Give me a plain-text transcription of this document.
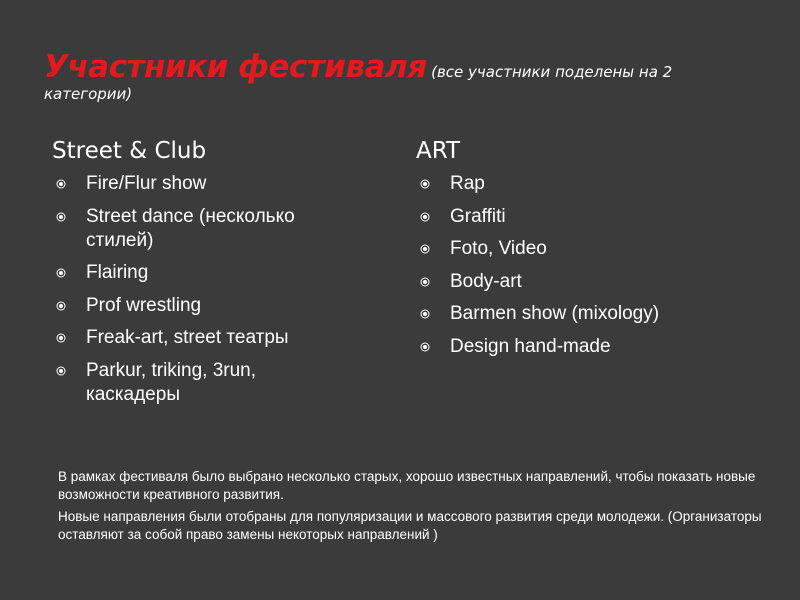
Участники фестиваля (все участники поделены на 2 категории)
Street & Club
Fire/Flur show
Street dance (несколько стилей)
Flairing
Prof wrestling
Freak-art, street театры
Parkur, triking, 3run, каскадеры
ART
Rap
Graffiti
Foto, Video
Body-art
Barmen show (mixology)
Design hand-made

В рамках фестиваля было выбрано несколько старых, хорошо известных направлений, чтобы показать новые возможности креативного развития.

Новые направления были отобраны для популяризации и массового развития среди молодежи. (Организаторы оставляют за собой право замены некоторых направлений )
